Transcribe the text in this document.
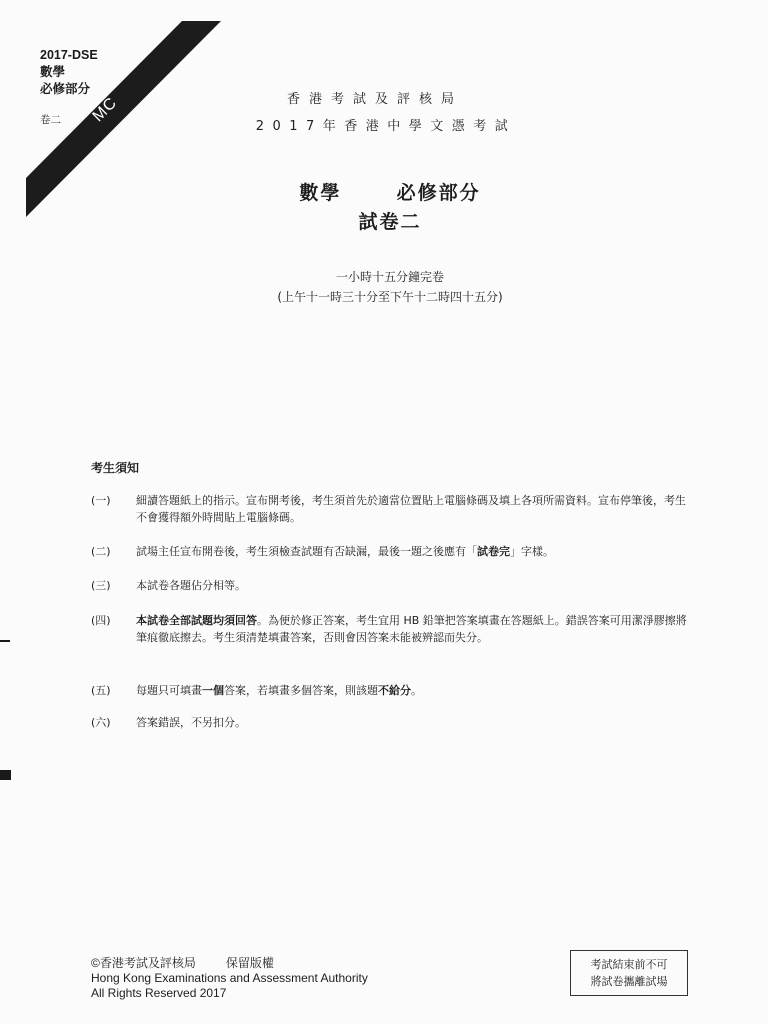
2017-DSE
數學
必修部分
卷二 MC	香港考試及評核局
2017年香港中學文憑考試
數學	必修部分
試卷二
一小時十五分鐘完卷
(上午十一時三十分至下午十二時四十五分)
考生須知
(一)	細讀答題紙上的指示。宣布開考後，考生須首先於適當位置貼上電腦條碼及填上各項所需資料。宣布停筆後，考生不會獲得額外時間貼上電腦條碼。
(二)	試場主任宣布開卷後，考生須檢查試題有否缺漏，最後一題之後應有「試卷完」字樣。
(三)	本試卷各題佔分相等。
(四)	本試卷全部試題均須回答。為便於修正答案，考生宜用 HB 鉛筆把答案填畫在答題紙上。錯誤答案可用潔淨膠擦將筆痕徹底擦去。考生須清楚填畫答案，否則會因答案未能被辨認而失分。
(五)	每題只可填畫一個答案，若填畫多個答案，則該題不給分。
(六)	答案錯誤，不另扣分。
©香港考試及評核局	保留版權
Hong Kong Examinations and Assessment Authority
All Rights Reserved 2017
考試結束前不可
將試卷攜離試場
